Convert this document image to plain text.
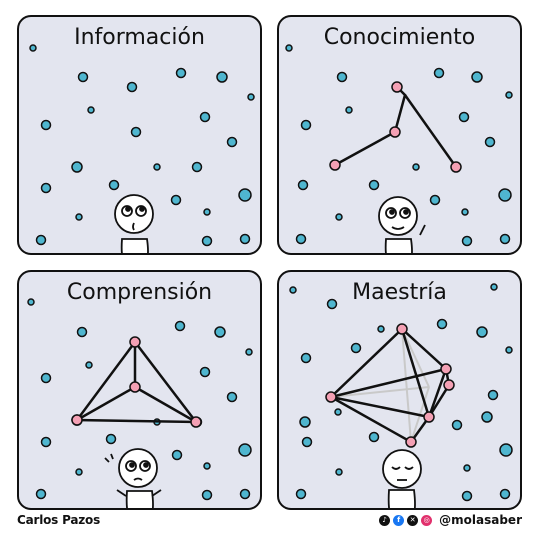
Información	Conocimiento
Comprensión	Maestría
Carlos Pazos	♪	f	✕	◎ @molasaber
